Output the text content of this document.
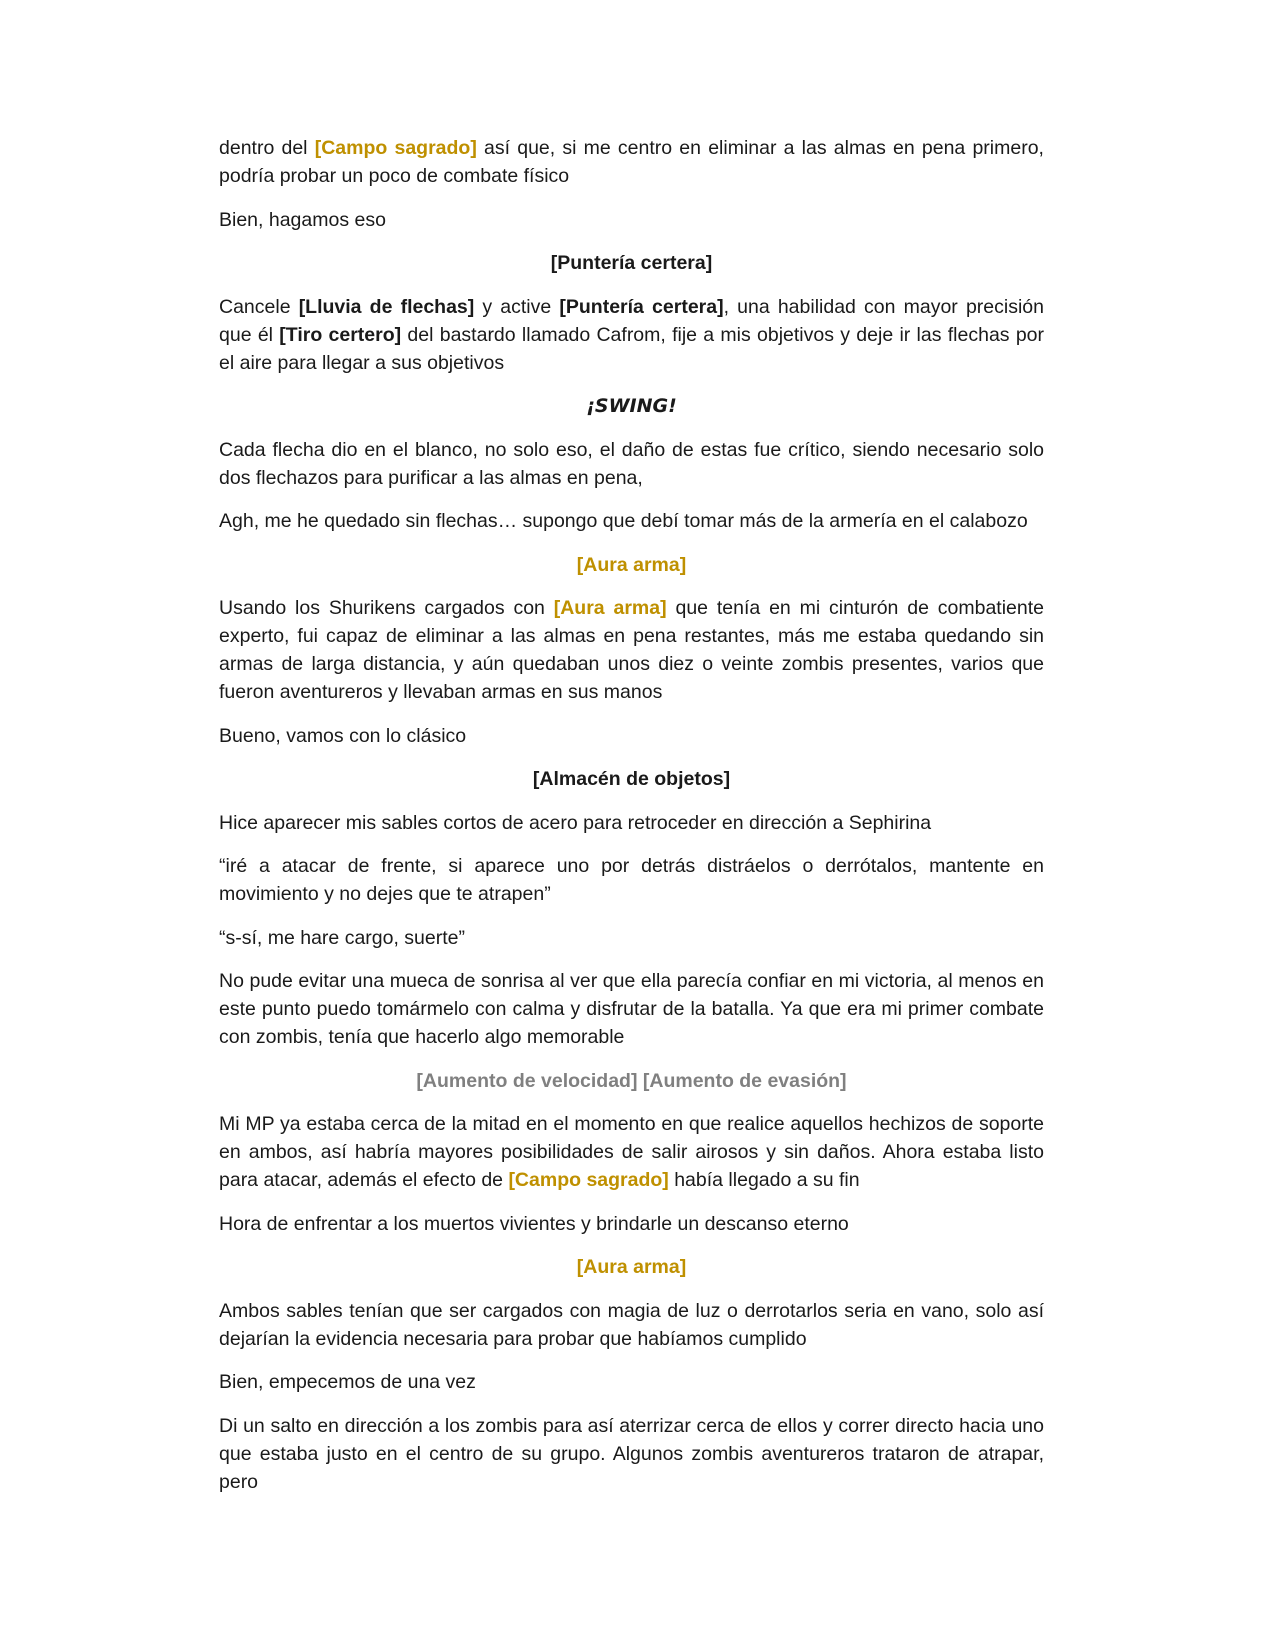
dentro del [Campo sagrado] así que, si me centro en eliminar a las almas en pena primero, podría probar un poco de combate físico

Bien, hagamos eso

[Puntería certera]

Cancele [Lluvia de flechas] y active [Puntería certera], una habilidad con mayor precisión que él [Tiro certero] del bastardo llamado Cafrom, fije a mis objetivos y deje ir las flechas por el aire para llegar a sus objetivos

¡SWING!

Cada flecha dio en el blanco, no solo eso, el daño de estas fue crítico, siendo necesario solo dos flechazos para purificar a las almas en pena,

Agh, me he quedado sin flechas… supongo que debí tomar más de la armería en el calabozo

[Aura arma]

Usando los Shurikens cargados con [Aura arma] que tenía en mi cinturón de combatiente experto, fui capaz de eliminar a las almas en pena restantes, más me estaba quedando sin armas de larga distancia, y aún quedaban unos diez o veinte zombis presentes, varios que fueron aventureros y llevaban armas en sus manos

Bueno, vamos con lo clásico

[Almacén de objetos]

Hice aparecer mis sables cortos de acero para retroceder en dirección a Sephirina

“iré a atacar de frente, si aparece uno por detrás distráelos o derrótalos, mantente en movimiento y no dejes que te atrapen”

“s-sí, me hare cargo, suerte”

No pude evitar una mueca de sonrisa al ver que ella parecía confiar en mi victoria, al menos en este punto puedo tomármelo con calma y disfrutar de la batalla. Ya que era mi primer combate con zombis, tenía que hacerlo algo memorable

[Aumento de velocidad] [Aumento de evasión]

Mi MP ya estaba cerca de la mitad en el momento en que realice aquellos hechizos de soporte en ambos, así habría mayores posibilidades de salir airosos y sin daños. Ahora estaba listo para atacar, además el efecto de [Campo sagrado] había llegado a su fin

Hora de enfrentar a los muertos vivientes y brindarle un descanso eterno

[Aura arma]

Ambos sables tenían que ser cargados con magia de luz o derrotarlos seria en vano, solo así dejarían la evidencia necesaria para probar que habíamos cumplido

Bien, empecemos de una vez

Di un salto en dirección a los zombis para así aterrizar cerca de ellos y correr directo hacia uno que estaba justo en el centro de su grupo. Algunos zombis aventureros trataron de atrapar, pero
